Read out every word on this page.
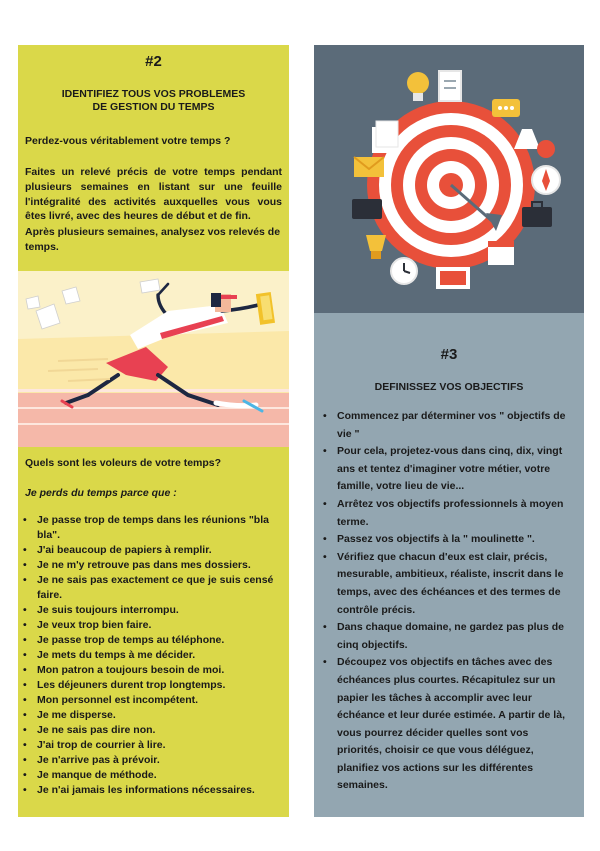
#2
IDENTIFIEZ TOUS VOS PROBLEMES
DE GESTION DU TEMPS
Perdez-vous véritablement votre temps ?
Faites un relevé précis de votre temps pendant plusieurs semaines en listant sur une feuille l'intégralité des activités auxquelles vous vous êtes livré, avec des heures de début et de fin.
Après plusieurs semaines, analysez vos relevés de temps.
Quels sont les voleurs de votre temps?
Je perds du temps parce que :
• Je passe trop de temps dans les réunions "bla bla".
• J'ai beaucoup de papiers à remplir.
• Je ne m'y retrouve pas dans mes dossiers.
• Je ne sais pas exactement ce que je suis censé faire.
• Je suis toujours interrompu.
• Je veux trop bien faire.
• Je passe trop de temps au téléphone.
• Je mets du temps à me décider.
• Mon patron a toujours besoin de moi.
• Les déjeuners durent trop longtemps.
• Mon personnel est incompétent.
• Je me disperse.
• Je ne sais pas dire non.
• J'ai trop de courrier à lire.
• Je n'arrive pas à prévoir.
• Je manque de méthode.
• Je n'ai jamais les informations nécessaires.
#3
DEFINISSEZ VOS OBJECTIFS
• Commencez par déterminer vos " objectifs de vie "
• Pour cela, projetez-vous dans cinq, dix, vingt ans et tentez d'imaginer votre métier, votre famille, votre lieu de vie...
• Arrêtez vos objectifs professionnels à moyen terme.
• Passez vos objectifs à la " moulinette ".
• Vérifiez que chacun d'eux est clair, précis, mesurable, ambitieux, réaliste, inscrit dans le temps, avec des échéances et des termes de contrôle précis.
• Dans chaque domaine, ne gardez pas plus de cinq objectifs.
• Découpez vos objectifs en tâches avec des échéances plus courtes. Récapitulez sur un papier les tâches à accomplir avec leur échéance et leur durée estimée. A partir de là, vous pourrez décider quelles sont vos priorités, choisir ce que vous déléguez, planifiez vos actions sur les différentes semaines.
